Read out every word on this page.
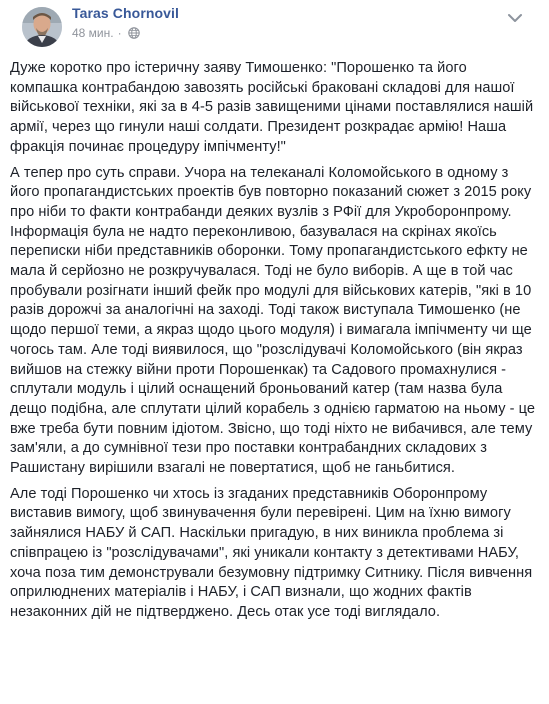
Taras Chornovil
48 мин. ·

Дуже коротко про істеричну заяву Тимошенко: "Порошенко та його компашка контрабандою завозять російські браковані складові для нашої військової техніки, які за в 4-5 разів завищеними цінами поставлялися нашій армії, через що гинули наші солдати. Президент розкрадає армію! Наша фракція починає процедуру імпічменту!"

А тепер про суть справи. Учора на телеканалі Коломойського в одному з його пропагандистських проектів був повторно показаний сюжет з 2015 року про ніби то факти контрабанди деяких вузлів з РФії для Укроборонпрому. Інформація була не надто переконливою, базувалася на скрінах якоїсь переписки ніби представників оборонки. Тому пропагандистського ефкту не мала й серйозно не розкручувалася. Тоді не було виборів. А ще в той час пробували розігнати інший фейк про модулі для військових катерів, "які в 10 разів дорожчі за аналогічні на заході. Тоді також виступала Тимошенко (не щодо першої теми, а якраз щодо цього модуля) і вимагала імпічменту чи ще чогось там. Але тоді виявилося, що "розслідувачі Коломойського (він якраз вийшов на стежку війни проти Порошенкак) та Садового промахнулися - сплутали модуль і цілий оснащений броньований катер (там назва була дещо подібна, але сплутати цілий корабель з однією гарматою на ньому - це вже треба бути повним ідіотом. Звісно, що тоді ніхто не вибачився, але тему зам'яли, а до сумнівної тези про поставки контрабандних складових з Рашистану вирішили взагалі не повертатися, щоб не ганьбитися.

Але тоді Порошенко чи хтось із згаданих представників Оборонпрому виставив вимогу, щоб звинувачення були перевірені. Цим на їхню вимогу зайнялися НАБУ й САП. Наскільки пригадую, в них виникла проблема зі співпрацею із "розслідувачами", які уникали контакту з детективами НАБУ, хоча поза тим демонстрували безумовну підтримку Ситнику. Після вивчення оприлюднених матеріалів і НАБУ, і САП визнали, що жодних фактів незаконних дій не підтверджено. Десь отак усе тоді виглядало.
